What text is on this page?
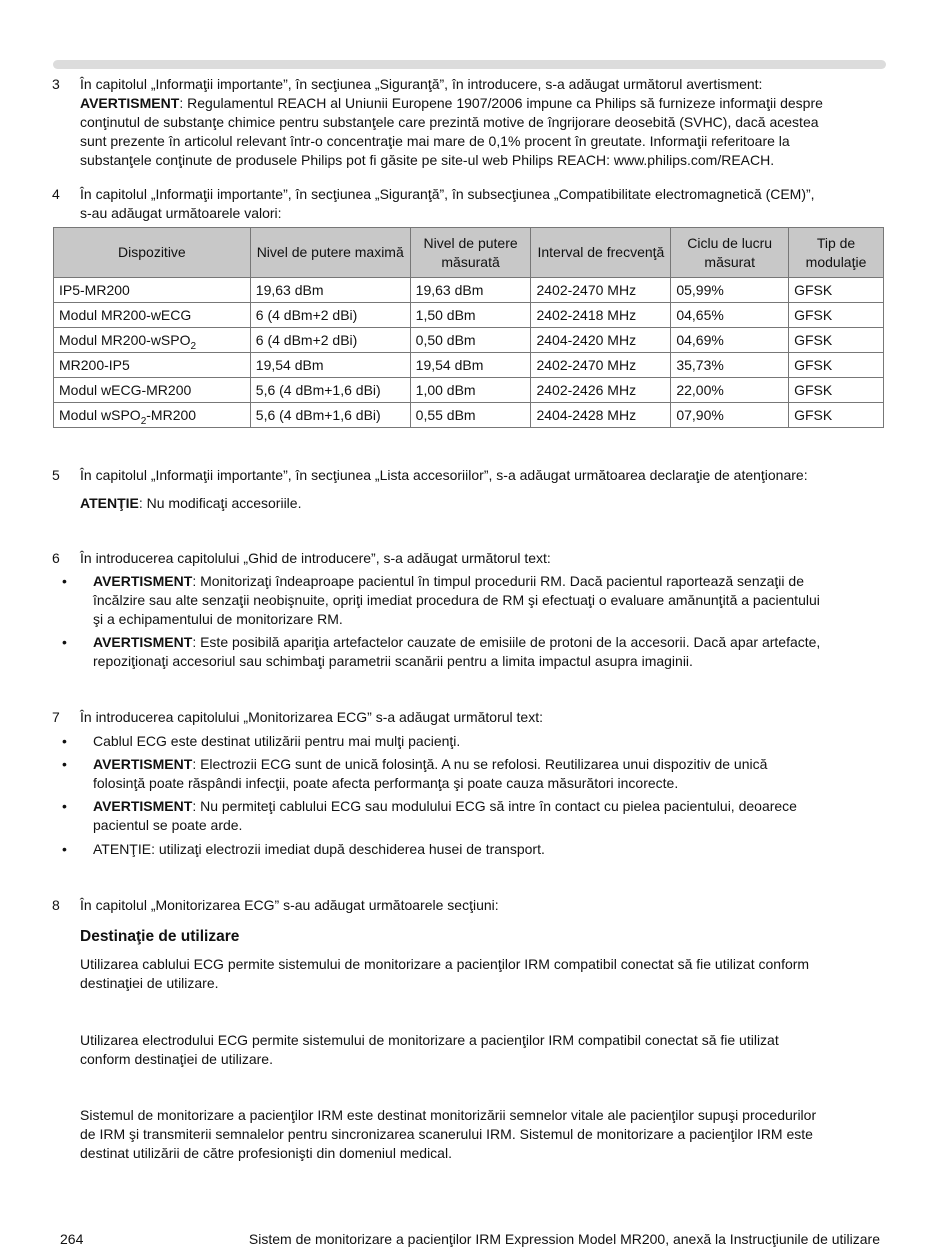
În capitolul „Informaţii importante”, în secţiunea „Siguranţă”, în introducere, s-a adăugat următorul avertisment:
AVERTISMENT: Regulamentul REACH al Uniunii Europene 1907/2006 impune ca Philips să furnizeze informaţii despre
conţinutul de substanţe chimice pentru substanţele care prezintă motive de îngrijorare deosebită (SVHC), dacă acestea
sunt prezente în articolul relevant într-o concentraţie mai mare de 0,1% procent în greutate. Informaţii referitoare la
substanţele conţinute de produsele Philips pot fi găsite pe site-ul web Philips REACH: www.philips.com/REACH.
3
În capitolul „Informaţii importante”, în secţiunea „Siguranţă”, în subsecţiunea „Compatibilitate electromagnetică (CEM)”,
s-au adăugat următoarele valori:
4
În capitolul „Informaţii importante”, în secţiunea „Lista accesoriilor”, s-a adăugat următoarea declaraţie de atenţionare:
5
ATENŢIE: Nu modificaţi accesoriile.
În introducerea capitolului „Ghid de introducere”, s-a adăugat următorul text:
6
AVERTISMENT: Monitorizaţi îndeaproape pacientul în timpul procedurii RM. Dacă pacientul raportează senzaţii de
încălzire sau alte senzaţii neobişnuite, opriţi imediat procedura de RM şi efectuaţi o evaluare amănunţită a pacientului
şi a echipamentului de monitorizare RM.
•
AVERTISMENT: Este posibilă apariţia artefactelor cauzate de emisiile de protoni de la accesorii. Dacă apar artefacte,
repoziţionaţi accesoriul sau schimbaţi parametrii scanării pentru a limita impactul asupra imaginii.
•
În introducerea capitolului „Monitorizarea ECG” s-a adăugat următorul text:
7
Cablul ECG este destinat utilizării pentru mai mulţi pacienţi.
•
AVERTISMENT: Electrozii ECG sunt de unică folosinţă. A nu se refolosi. Reutilizarea unui dispozitiv de unică
folosinţă poate răspândi infecţii, poate afecta performanţa şi poate cauza măsurători incorecte.
•
AVERTISMENT: Nu permiteţi cablului ECG sau modulului ECG să intre în contact cu pielea pacientului, deoarece
pacientul se poate arde.
•
ATENŢIE: utilizaţi electrozii imediat după deschiderea husei de transport.
•
În capitolul „Monitorizarea ECG” s-au adăugat următoarele secţiuni:
8
Utilizarea cablului ECG permite sistemului de monitorizare a pacienţilor IRM compatibil conectat să fie utilizat conform
destinaţiei de utilizare.
Utilizarea electrodului ECG permite sistemului de monitorizare a pacienţilor IRM compatibil conectat să fie utilizat
conform destinaţiei de utilizare.
Sistemul de monitorizare a pacienţilor IRM este destinat monitorizării semnelor vitale ale pacienţilor supuşi procedurilor
de IRM şi transmiterii semnalelor pentru sincronizarea scanerului IRM. Sistemul de monitorizare a pacienţilor IRM este
destinat utilizării de către profesionişti din domeniul medical.
Dispozitive	Nivel de putere maximă	Nivel de putere măsurată	Interval de frecvenţă	Ciclu de lucru măsurat	Tip de modulaţie
IP5-MR200	19,63 dBm	19,63 dBm	2402-2470 MHz	05,99%	GFSK
Modul MR200-wECG	6 (4 dBm+2 dBi)	1,50 dBm	2402-2418 MHz	04,65%	GFSK
Modul MR200-wSPO$_2$	6 (4 dBm+2 dBi)	0,50 dBm	2404-2420 MHz	04,69%	GFSK
MR200-IP5	19,54 dBm	19,54 dBm	2402-2470 MHz	35,73%	GFSK
Modul wECG-MR200	5,6 (4 dBm+1,6 dBi)	1,00 dBm	2402-2426 MHz	22,00%	GFSK
Modul wSPO$_2$-MR200	5,6 (4 dBm+1,6 dBi)	0,55 dBm	2404-2428 MHz	07,90%	GFSK
Destinaţie de utilizare
264	Sistem de monitorizare a pacienţilor IRM Expression Model MR200, anexă la Instrucţiunile de utilizare
